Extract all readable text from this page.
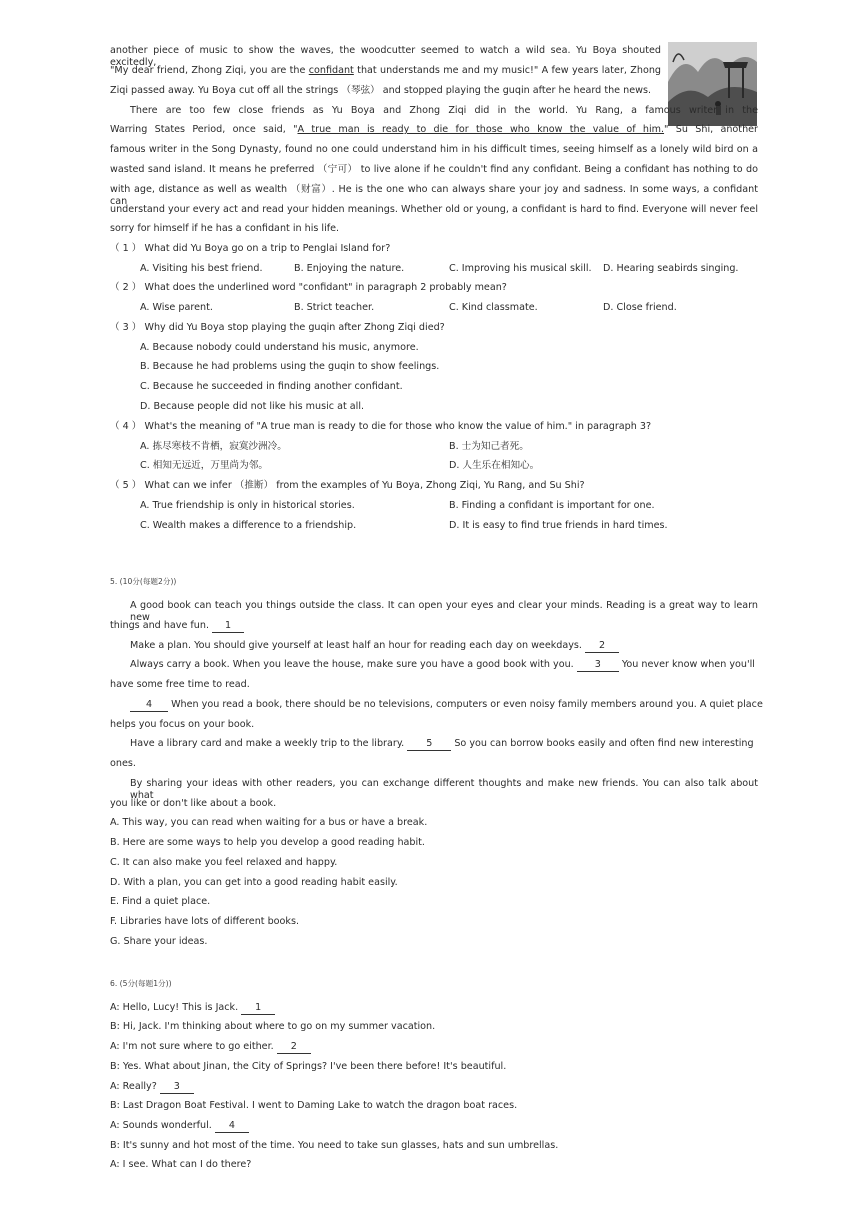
another piece of music to show the waves, the woodcutter seemed to watch a wild sea. Yu Boya shouted excitedly,
"My dear friend, Zhong Ziqi, you are the confidant that understands me and my music!" A few years later, Zhong
Ziqi passed away. Yu Boya cut off all the strings （琴弦） and stopped playing the guqin after he heard the news.
There are too few close friends as Yu Boya and Zhong Ziqi did in the world. Yu Rang, a famous writer in the
Warring States Period, once said, "A true man is ready to die for those who know the value of him." Su Shi, another
famous writer in the Song Dynasty, found no one could understand him in his difficult times, seeing himself as a lonely wild bird on a
wasted sand island. It means he preferred （宁可） to live alone if he couldn't find any confidant. Being a confidant has nothing to do
with age, distance as well as wealth （财富）. He is the one who can always share your joy and sadness. In some ways, a confidant can
understand your every act and read your hidden meanings. Whether old or young, a confidant is hard to find. Everyone will never feel
sorry for himself if he has a confidant in his life.
（ 1 ） What did Yu Boya go on a trip to Penglai Island for?
A. Visiting his best friend.	B. Enjoying the nature.	C. Improving his musical skill. D. Hearing seabirds singing.
（ 2 ） What does the underlined word "confidant" in paragraph 2 probably mean?
A. Wise parent.	B. Strict teacher.	C. Kind classmate.	D. Close friend.
（ 3 ） Why did Yu Boya stop playing the guqin after Zhong Ziqi died?
A. Because nobody could understand his music, anymore.
B. Because he had problems using the guqin to show feelings.
C. Because he succeeded in finding another confidant.
D. Because people did not like his music at all.
（ 4 ） What's the meaning of "A true man is ready to die for those who know the value of him." in paragraph 3?
A. 拣尽寒枝不肯栖，寂寞沙洲冷。	B. 士为知己者死。
C. 相知无远近，万里尚为邻。	D. 人生乐在相知心。
（ 5 ） What can we infer （推断） from the examples of Yu Boya, Zhong Ziqi, Yu Rang, and Su Shi?
A. True friendship is only in historical stories.	B. Finding a confidant is important for one.
C. Wealth makes a difference to a friendship.	D. It is easy to find true friends in hard times.
5. (10分(每题2分))
A good book can teach you things outside the class. It can open your eyes and clear your minds. Reading is a great way to learn new
things and have fun. 1
Make a plan. You should give yourself at least half an hour for reading each day on weekdays. 2
Always carry a book. When you leave the house, make sure you have a good book with you. 3 You never know when you'll
have some free time to read.
4 When you read a book, there should be no televisions, computers or even noisy family members around you. A quiet place
helps you focus on your book.
Have a library card and make a weekly trip to the library. 5 So you can borrow books easily and often find new interesting
ones.
By sharing your ideas with other readers, you can exchange different thoughts and make new friends. You can also talk about what
you like or don't like about a book.
A. This way, you can read when waiting for a bus or have a break.
B. Here are some ways to help you develop a good reading habit.
C. It can also make you feel relaxed and happy.
D. With a plan, you can get into a good reading habit easily.
E. Find a quiet place.
F. Libraries have lots of different books.
G. Share your ideas.
6. (5分(每题1分))
A: Hello, Lucy! This is Jack. 1
B: Hi, Jack. I'm thinking about where to go on my summer vacation.
A: I'm not sure where to go either. 2
B: Yes. What about Jinan, the City of Springs? I've been there before! It's beautiful.
A: Really? 3
B: Last Dragon Boat Festival. I went to Daming Lake to watch the dragon boat races.
A: Sounds wonderful. 4
B: It's sunny and hot most of the time. You need to take sun glasses, hats and sun umbrellas.
A: I see. What can I do there?
